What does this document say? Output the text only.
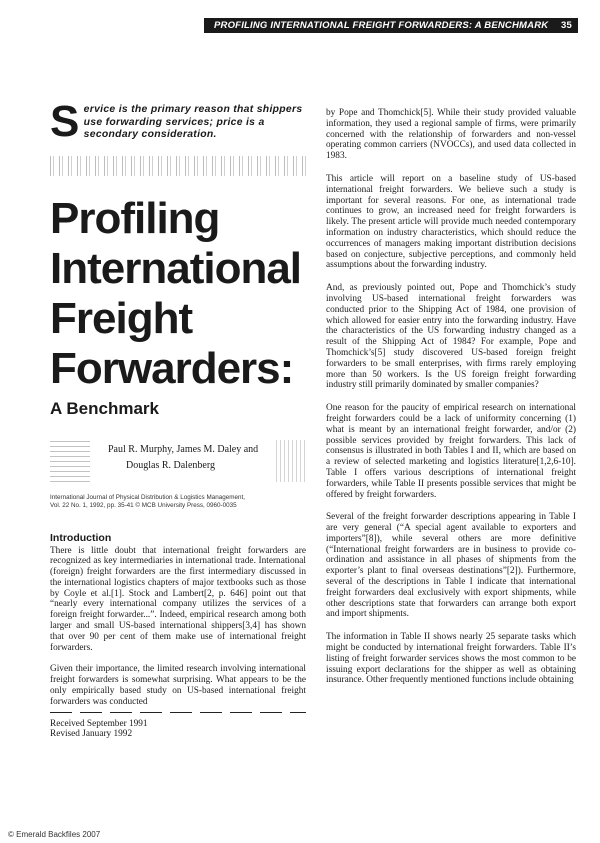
PROFILING INTERNATIONAL FREIGHT FORWARDERS: A BENCHMARK 35
S ervice is the primary reason that shippers use forwarding services; price is a secondary consideration.
Profiling
International
Freight
Forwarders:
A Benchmark
Paul R. Murphy, James M. Daley and
Douglas R. Dalenberg
International Journal of Physical Distribution & Logistics Management,
Vol. 22 No. 1, 1992, pp. 35-41 © MCB University Press, 0960-0035
Introduction

There is little doubt that international freight forwarders are recognized as key intermediaries in international trade. International (foreign) freight forwarders are the first intermediary discussed in the international logistics chapters of major textbooks such as those by Coyle et al.[1]. Stock and Lambert[2, p. 646] point out that “nearly every international company utilizes the services of a foreign freight forwarder...”. Indeed, empirical research among both larger and small US-based international shippers[3,4] has shown that over 90 per cent of them make use of international freight forwarders.

Given their importance, the limited research involving international freight forwarders is somewhat surprising. What appears to be the only empirically based study on US-based international freight forwarders was conducted

Received September 1991
Revised January 1992

by Pope and Thomchick[5]. While their study provided valuable information, they used a regional sample of firms, were primarily concerned with the relationship of forwarders and non-vessel operating common carriers (NVOCCs), and used data collected in 1983.

This article will report on a baseline study of US-based international freight forwarders. We believe such a study is important for several reasons. For one, as international trade continues to grow, an increased need for freight forwarders is likely. The present article will provide much needed contemporary information on industry characteristics, which should reduce the occurrences of managers making important distribution decisions based on conjecture, subjective perceptions, and commonly held assumptions about the forwarding industry.

And, as previously pointed out, Pope and Thomchick’s study involving US-based international freight forwarders was conducted prior to the Shipping Act of 1984, one provision of which allowed for easier entry into the forwarding industry. Have the characteristics of the US forwarding industry changed as a result of the Shipping Act of 1984? For example, Pope and Thomchick’s[5] study discovered US-based foreign freight forwarders to be small enterprises, with firms rarely employing more than 50 workers. Is the US foreign freight forwarding industry still primarily dominated by smaller companies?

One reason for the paucity of empirical research on international freight forwarders could be a lack of uniformity concerning (1) what is meant by an international freight forwarder, and/or (2) possible services provided by freight forwarders. This lack of consensus is illustrated in both Tables I and II, which are based on a review of selected marketing and logistics literature[1,2,6-10]. Table I offers various descriptions of international freight forwarders, while Table II presents possible services that might be offered by freight forwarders.

Several of the freight forwarder descriptions appearing in Table I are very general (“A special agent available to exporters and importers”[8]), while several others are more definitive (“International freight forwarders are in business to provide co-ordination and assistance in all phases of shipments from the exporter’s plant to final overseas destinations”[2]). Furthermore, several of the descriptions in Table I indicate that international freight forwarders deal exclusively with export shipments, while other descriptions state that forwarders can arrange both export and import shipments.

The information in Table II shows nearly 25 separate tasks which might be conducted by international freight forwarders. Table II’s listing of freight forwarder services shows the most common to be issuing export declarations for the shipper as well as obtaining insurance. Other frequently mentioned functions include obtaining

© Emerald Backfiles 2007
